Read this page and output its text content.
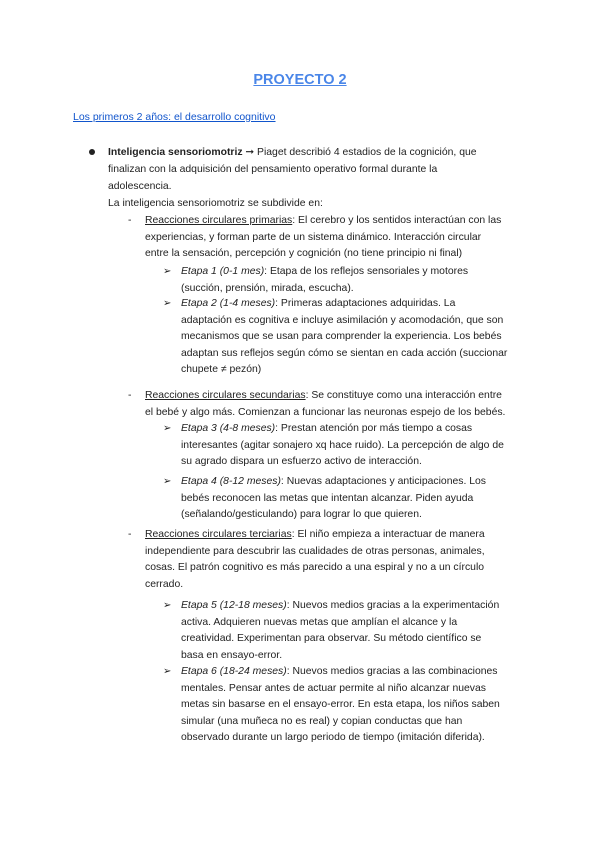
PROYECTO 2
Los primeros 2 años: el desarrollo cognitivo
Inteligencia sensoriomotriz ➞ Piaget describió 4 estadios de la cognición, que
finalizan con la adquisición del pensamiento operativo formal durante la
adolescencia.
La inteligencia sensoriomotriz se subdivide en:
- Reacciones circulares primarias: El cerebro y los sentidos interactúan con las
experiencias, y forman parte de un sistema dinámico. Interacción circular
entre la sensación, percepción y cognición (no tiene principio ni final)
➢ Etapa 1 (0-1 mes): Etapa de los reflejos sensoriales y motores
(succión, prensión, mirada, escucha).
➢ Etapa 2 (1-4 meses): Primeras adaptaciones adquiridas. La
adaptación es cognitiva e incluye asimilación y acomodación, que son
mecanismos que se usan para comprender la experiencia. Los bebés
adaptan sus reflejos según cómo se sientan en cada acción (succionar
chupete ≠ pezón)
- Reacciones circulares secundarias: Se constituye como una interacción entre
el bebé y algo más. Comienzan a funcionar las neuronas espejo de los bebés.
➢ Etapa 3 (4-8 meses): Prestan atención por más tiempo a cosas
interesantes (agitar sonajero xq hace ruido). La percepción de algo de
su agrado dispara un esfuerzo activo de interacción.
➢ Etapa 4 (8-12 meses): Nuevas adaptaciones y anticipaciones. Los
bebés reconocen las metas que intentan alcanzar. Piden ayuda
(señalando/gesticulando) para lograr lo que quieren.
- Reacciones circulares terciarias: El niño empieza a interactuar de manera
independiente para descubrir las cualidades de otras personas, animales,
cosas. El patrón cognitivo es más parecido a una espiral y no a un círculo
cerrado.
➢ Etapa 5 (12-18 meses): Nuevos medios gracias a la experimentación
activa. Adquieren nuevas metas que amplían el alcance y la
creatividad. Experimentan para observar. Su método científico se
basa en ensayo-error.
➢ Etapa 6 (18-24 meses): Nuevos medios gracias a las combinaciones
mentales. Pensar antes de actuar permite al niño alcanzar nuevas
metas sin basarse en el ensayo-error. En esta etapa, los niños saben
simular (una muñeca no es real) y copian conductas que han
observado durante un largo periodo de tiempo (imitación diferida).
